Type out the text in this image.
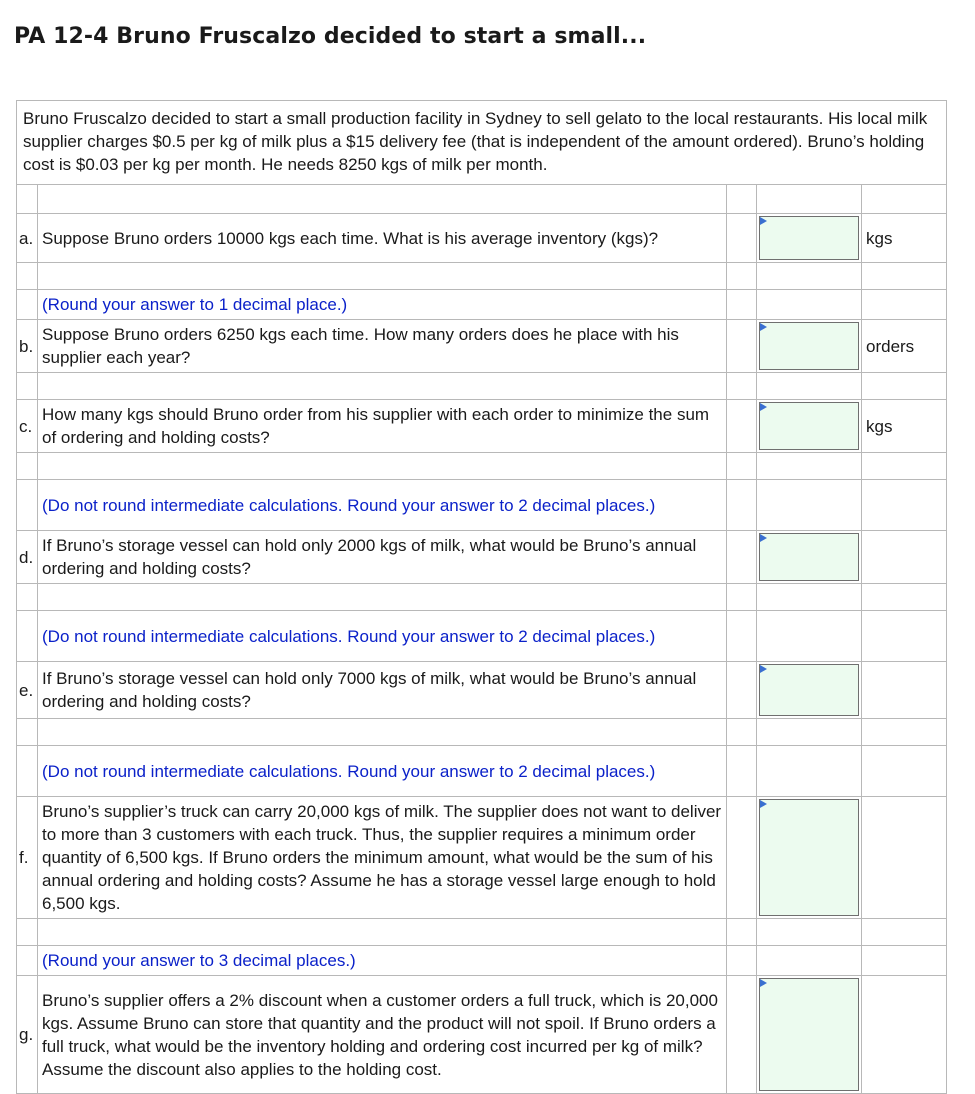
PA 12-4 Bruno Fruscalzo decided to start a small...
Bruno Fruscalzo decided to start a small production facility in Sydney to sell gelato to the local restaurants. His local milk supplier charges $0.5 per kg of milk plus a $15 delivery fee (that is independent of the amount ordered). Bruno’s holding cost is $0.03 per kg per month. He needs 8250 kgs of milk per month.				

a.	Suppose Bruno orders 10000 kgs each time. What is his average inventory (kgs)?			kgs

	(Round your answer to 1 decimal place.)			
b.	Suppose Bruno orders 6250 kgs each time. How many orders does he place with his supplier each year?			orders

c.	How many kgs should Bruno order from his supplier with each order to minimize the sum of ordering and holding costs?			kgs

	(Do not round intermediate calculations. Round your answer to 2 decimal places.)			
d.	If Bruno’s storage vessel can hold only 2000 kgs of milk, what would be Bruno’s annual ordering and holding costs?		

	(Do not round intermediate calculations. Round your answer to 2 decimal places.)			
e.	If Bruno’s storage vessel can hold only 7000 kgs of milk, what would be Bruno’s annual ordering and holding costs?		

	(Do not round intermediate calculations. Round your answer to 2 decimal places.)			
f.	Bruno’s supplier’s truck can carry 20,000 kgs of milk. The supplier does not want to deliver to more than 3 customers with each truck. Thus, the supplier requires a minimum order quantity of 6,500 kgs. If Bruno orders the minimum amount, what would be the sum of his annual ordering and holding costs? Assume he has a storage vessel large enough to hold 6,500 kgs.		

	(Round your answer to 3 decimal places.)			
g.	Bruno’s supplier offers a 2% discount when a customer orders a full truck, which is 20,000 kgs. Assume Bruno can store that quantity and the product will not spoil. If Bruno orders a full truck, what would be the inventory holding and ordering cost incurred per kg of milk? Assume the discount also applies to the holding cost.		
